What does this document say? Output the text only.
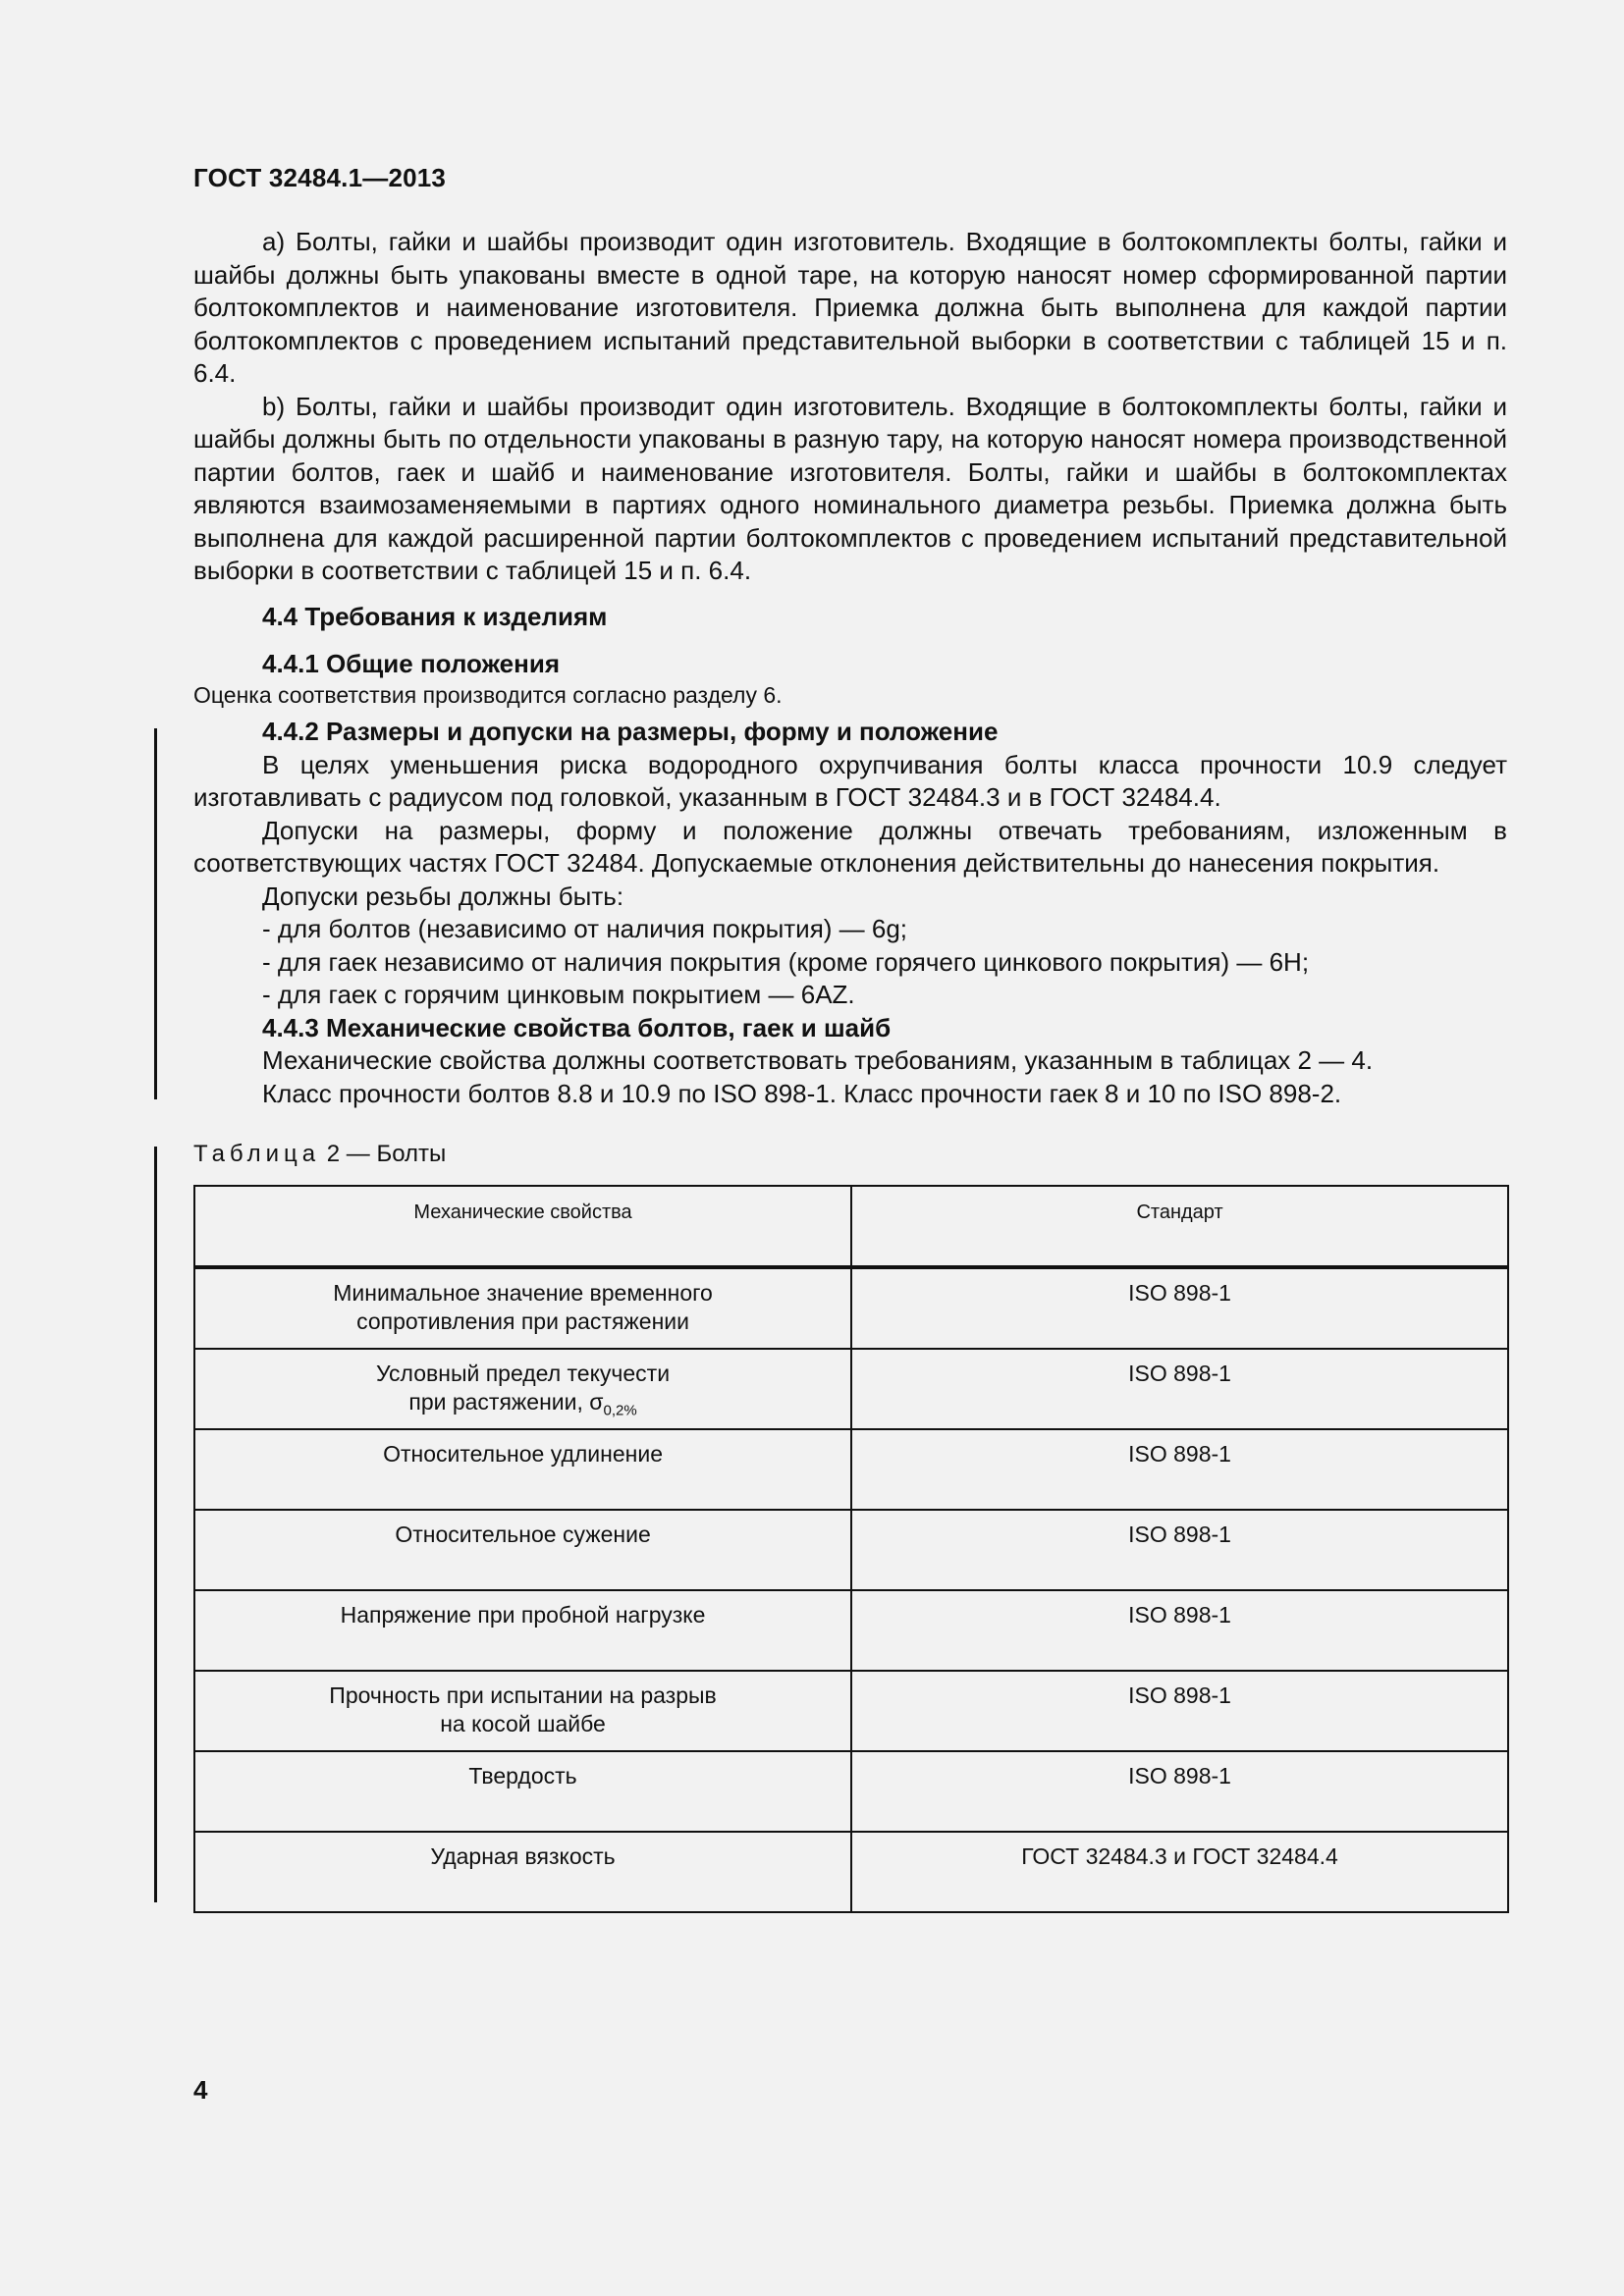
ГОСТ 32484.1—2013

a) Болты, гайки и шайбы производит один изготовитель. Входящие в болтокомплекты болты, гайки и шайбы должны быть упакованы вместе в одной таре, на которую наносят номер сформированной партии болтокомплектов и наименование изготовителя. Приемка должна быть выполнена для каждой партии болтокомплектов с проведением испытаний представительной выборки в соответствии с таблицей 15 и п. 6.4.

b) Болты, гайки и шайбы производит один изготовитель. Входящие в болтокомплекты болты, гайки и шайбы должны быть по отдельности упакованы в разную тару, на которую наносят номера производственной партии болтов, гаек и шайб и наименование изготовителя. Болты, гайки и шайбы в болтокомплектах являются взаимозаменяемыми в партиях одного номинального диаметра резьбы. Приемка должна быть выполнена для каждой расширенной партии болтокомплектов с проведением испытаний представительной выборки в соответствии с таблицей 15 и п. 6.4.

4.4 Требования к изделиям

4.4.1 Общие положения

Оценка соответствия производится согласно разделу 6.

4.4.2 Размеры и допуски на размеры, форму и положение

В целях уменьшения риска водородного охрупчивания болты класса прочности 10.9 следует изготавливать с радиусом под головкой, указанным в ГОСТ 32484.3 и в ГОСТ 32484.4.

Допуски на размеры, форму и положение должны отвечать требованиям, изложенным в соответствующих частях ГОСТ 32484. Допускаемые отклонения действительны до нанесения покрытия.

Допуски резьбы должны быть:

- для болтов (независимо от наличия покрытия) — 6g;

- для гаек независимо от наличия покрытия (кроме горячего цинкового покрытия) — 6H;

- для гаек с горячим цинковым покрытием — 6AZ.

4.4.3 Механические свойства болтов, гаек и шайб

Механические свойства должны соответствовать требованиям, указанным в таблицах 2 — 4.

Класс прочности болтов 8.8 и 10.9 по ISO 898-1. Класс прочности гаек 8 и 10 по ISO 898-2.

Таблица 2 — Болты
Механические свойства	Стандарт
Минимальное значение временного
сопротивления при растяжении	ISO 898-1
Условный предел текучести
при растяжении, $\sigma_{0,2\%}$	ISO 898-1
Относительное удлинение	ISO 898-1
Относительное сужение	ISO 898-1
Напряжение при пробной нагрузке	ISO 898-1
Прочность при испытании на разрыв
на косой шайбе	ISO 898-1
Твердость	ISO 898-1
Ударная вязкость	ГОСТ 32484.3 и ГОСТ 32484.4
4
